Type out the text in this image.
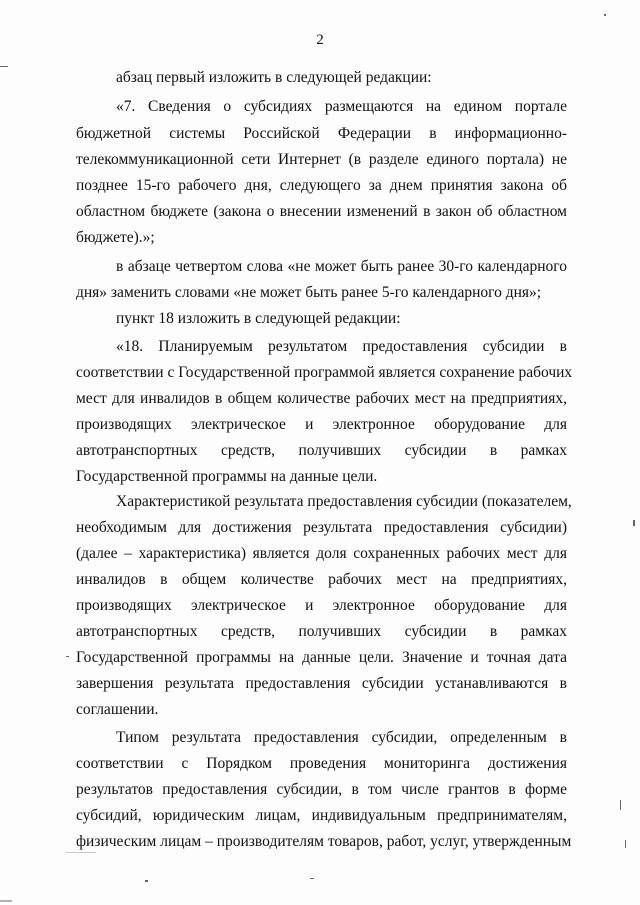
2
абзац первый изложить в следующей редакции:
«7. Сведения о субсидиях размещаются на едином портале
бюджетной системы Российской Федерации в информационно-
телекоммуникационной сети Интернет (в разделе единого портала) не
позднее 15-го рабочего дня, следующего за днем принятия закона об
областном бюджете (закона о внесении изменений в закон об областном
бюджете).»;
в абзаце четвертом слова «не может быть ранее 30-го календарного
дня» заменить словами «не может быть ранее 5-го календарного дня»;
пункт 18 изложить в следующей редакции:
«18. Планируемым результатом предоставления субсидии в
соответствии с Государственной программой является сохранение рабочих
мест для инвалидов в общем количестве рабочих мест на предприятиях,
производящих электрическое и электронное оборудование для
автотранспортных средств, получивших субсидии в рамках
Государственной программы на данные цели.
Характеристикой результата предоставления субсидии (показателем,
необходимым для достижения результата предоставления субсидии)
(далее – характеристика) является доля сохраненных рабочих мест для
инвалидов в общем количестве рабочих мест на предприятиях,
производящих электрическое и электронное оборудование для
автотранспортных средств, получивших субсидии в рамках
Государственной программы на данные цели. Значение и точная дата
завершения результата предоставления субсидии устанавливаются в
соглашении.
Типом результата предоставления субсидии, определенным в
соответствии с Порядком проведения мониторинга достижения
результатов предоставления субсидии, в том числе грантов в форме
субсидий, юридическим лицам, индивидуальным предпринимателям,
физическим лицам – производителям товаров, работ, услуг, утвержденным
